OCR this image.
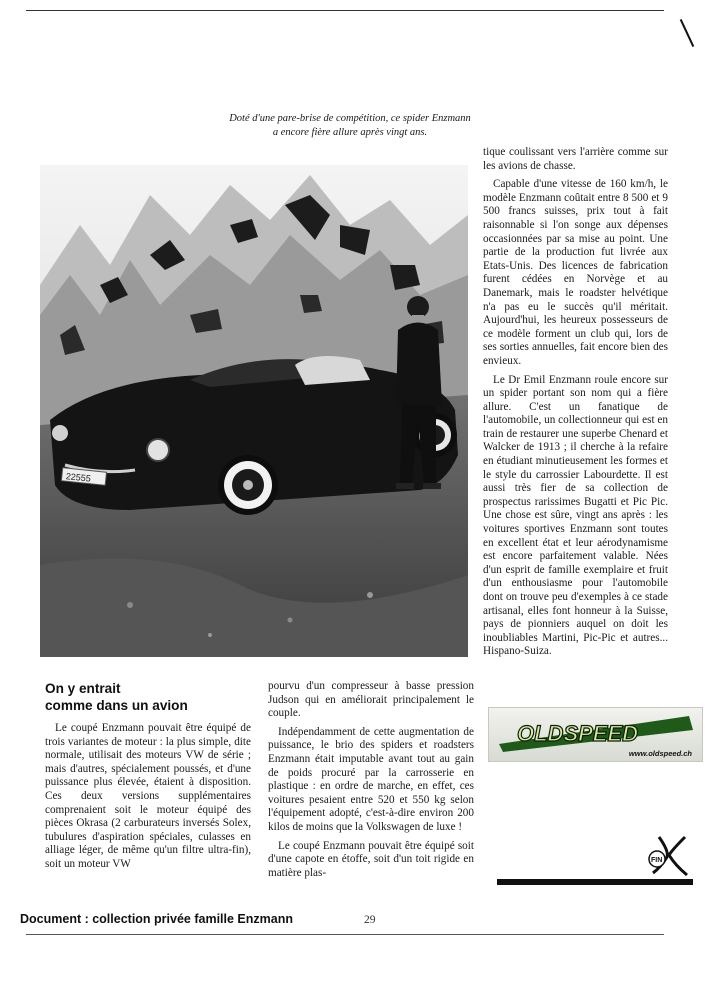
Doté d'une pare-brise de compétition, ce spider Enzmann
a encore fière allure après vingt ans.
22555

tique coulissant vers l'arrière comme sur les avions de chasse.

Capable d'une vitesse de 160 km/h, le modèle Enzmann coûtait entre 8 500 et 9 500 francs suisses, prix tout à fait raisonnable si l'on songe aux dépenses occasionnées par sa mise au point. Une partie de la production fut livrée aux Etats-Unis. Des licences de fabrication furent cédées en Norvège et au Danemark, mais le roadster helvétique n'a pas eu le succès qu'il méritait. Aujourd'hui, les heureux possesseurs de ce modèle forment un club qui, lors de ses sorties annuelles, fait encore bien des envieux.

Le Dr Emil Enzmann roule encore sur un spider portant son nom qui a fière allure. C'est un fanatique de l'automobile, un collectionneur qui est en train de restaurer une superbe Chenard et Walcker de 1913 ; il cherche à la refaire en étudiant minutieusement les formes et le style du carrossier Labourdette. Il est aussi très fier de sa collection de prospectus rarissimes Bugatti et Pic Pic. Une chose est sûre, vingt ans après : les voitures sportives Enzmann sont toutes en excellent état et leur aérodynamisme est encore parfaitement valable. Nées d'un esprit de famille exemplaire et fruit d'un enthousiasme pour l'automobile dont on trouve peu d'exemples à ce stade artisanal, elles font honneur à la Suisse, pays de pionniers auquel on doit les inoubliables Martini, Pic-Pic et autres... Hispano-Suiza.

On y entrait
comme dans un avion

Le coupé Enzmann pouvait être équipé de trois variantes de moteur : la plus simple, dite normale, utilisait des moteurs VW de série ; mais d'autres, spécialement poussés, et d'une puissance plus élevée, étaient à disposition. Ces deux versions supplémentaires comprenaient soit le moteur équipé des pièces Okrasa (2 carburateurs inversés Solex, tubulures d'aspiration spéciales, culasses en alliage léger, de même qu'un filtre ultra-fin), soit un moteur VW

pourvu d'un compresseur à basse pression Judson qui en améliorait principalement le couple.

Indépendamment de cette augmentation de puissance, le brio des spiders et roadsters Enzmann était imputable avant tout au gain de poids procuré par la carrosserie en plastique : en ordre de marche, en effet, ces voitures pesaient entre 520 et 550 kg selon l'équipement adopté, c'est-à-dire environ 200 kilos de moins que la Volkswagen de luxe !

Le coupé Enzmann pouvait être équipé soit d'une capote en étoffe, soit d'un toit rigide en matière plas-

OLDSPEED
www.oldspeed.ch
FIN
Document : collection privée famille Enzmann	29
